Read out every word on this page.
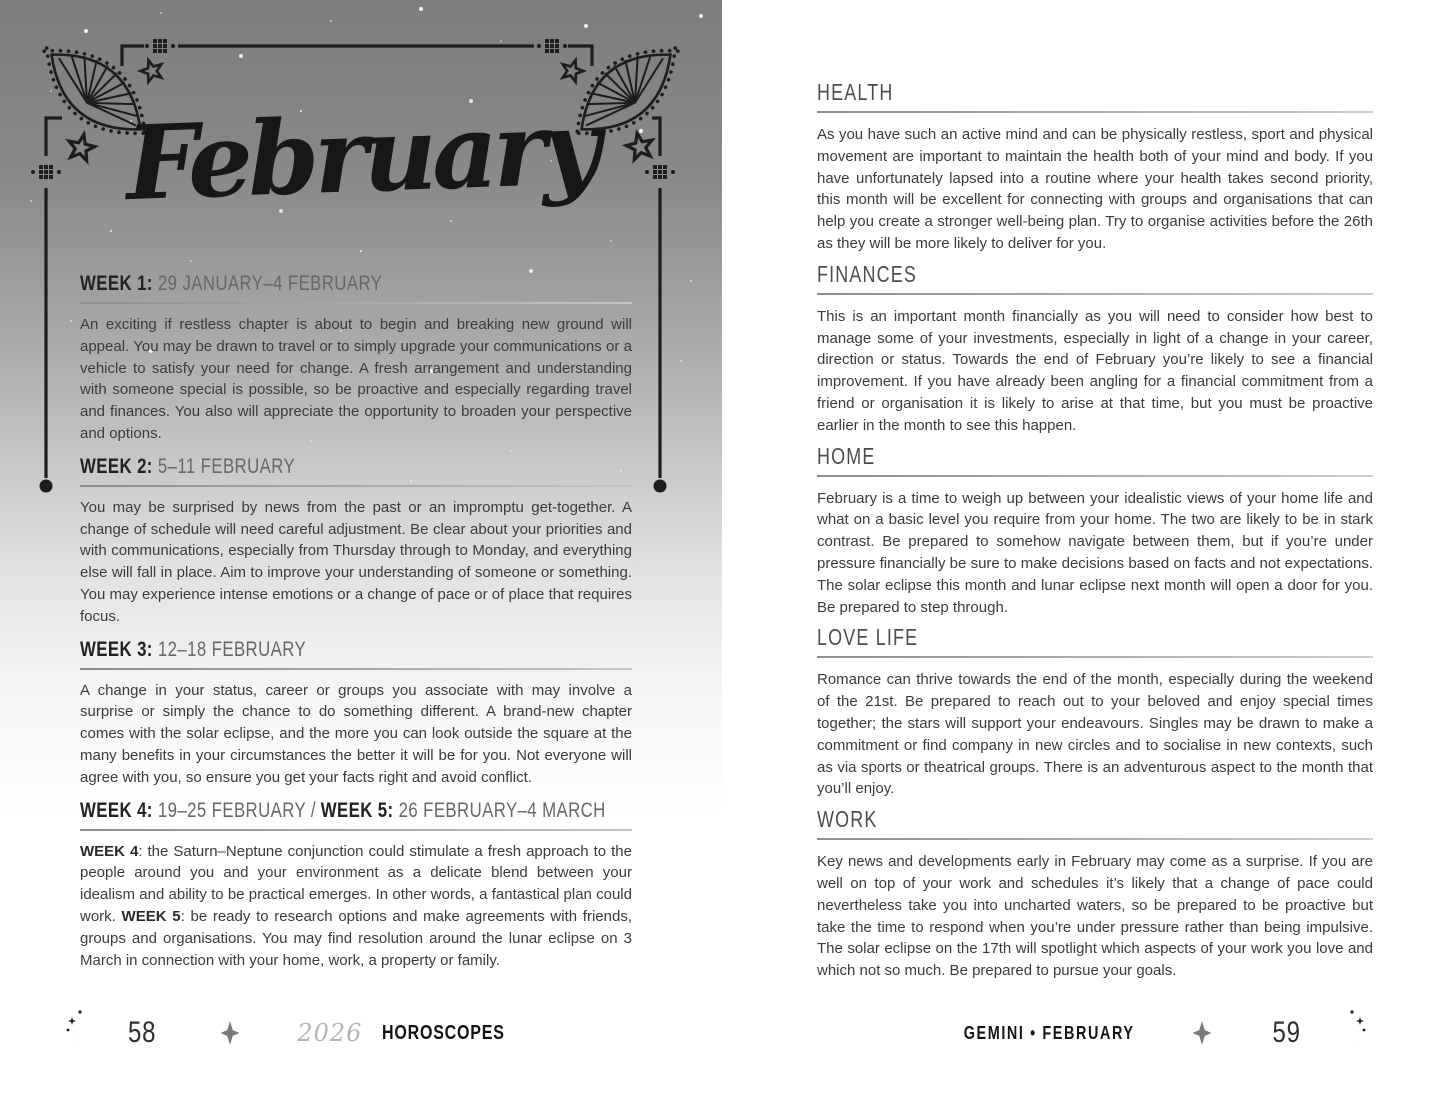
February
WEEK 1: 29 JANUARY–4 FEBRUARY

An exciting if restless chapter is about to begin and breaking new ground will appeal. You may be drawn to travel or to simply upgrade your communications or a vehicle to satisfy your need for change. A fresh arrangement and understanding with someone special is possible, so be proactive and especially regarding travel and finances. You also will appreciate the opportunity to broaden your perspective and options.

WEEK 2: 5–11 FEBRUARY

You may be surprised by news from the past or an impromptu get-together. A change of schedule will need careful adjustment. Be clear about your priorities and with communications, especially from Thursday through to Monday, and everything else will fall in place. Aim to improve your understanding of someone or something. You may experience intense emotions or a change of pace or of place that requires focus.

WEEK 3: 12–18 FEBRUARY

A change in your status, career or groups you associate with may involve a surprise or simply the chance to do something different. A brand-new chapter comes with the solar eclipse, and the more you can look outside the square at the many benefits in your circumstances the better it will be for you. Not everyone will agree with you, so ensure you get your facts right and avoid conflict.

WEEK 4: 19–25 FEBRUARY / WEEK 5: 26 FEBRUARY–4 MARCH

WEEK 4: the Saturn–Neptune conjunction could stimulate a fresh approach to the people around you and your environment as a delicate blend between your idealism and ability to be practical emerges. In other words, a fantastical plan could work. WEEK 5: be ready to research options and make agreements with friends, groups and organisations. You may find resolution around the lunar eclipse on 3 March in connection with your home, work, a property or family.

58	2026 HOROSCOPES
HEALTH

As you have such an active mind and can be physically restless, sport and physical movement are important to maintain the health both of your mind and body. If you have unfortunately lapsed into a routine where your health takes second priority, this month will be excellent for connecting with groups and organisations that can help you create a stronger well-being plan. Try to organise activities before the 26th as they will be more likely to deliver for you.

FINANCES

This is an important month financially as you will need to consider how best to manage some of your investments, especially in light of a change in your career, direction or status. Towards the end of February you’re likely to see a financial improvement. If you have already been angling for a financial commitment from a friend or organisation it is likely to arise at that time, but you must be proactive earlier in the month to see this happen.

HOME

February is a time to weigh up between your idealistic views of your home life and what on a basic level you require from your home. The two are likely to be in stark contrast. Be prepared to somehow navigate between them, but if you’re under pressure financially be sure to make decisions based on facts and not expectations. The solar eclipse this month and lunar eclipse next month will open a door for you. Be prepared to step through.

LOVE LIFE

Romance can thrive towards the end of the month, especially during the weekend of the 21st. Be prepared to reach out to your beloved and enjoy special times together; the stars will support your endeavours. Singles may be drawn to make a commitment or find company in new circles and to socialise in new contexts, such as via sports or theatrical groups. There is an adventurous aspect to the month that you’ll enjoy.

WORK

Key news and developments early in February may come as a surprise. If you are well on top of your work and schedules it’s likely that a change of pace could nevertheless take you into uncharted waters, so be prepared to be proactive but take the time to respond when you’re under pressure rather than being impulsive. The solar eclipse on the 17th will spotlight which aspects of your work you love and which not so much. Be prepared to pursue your goals.

GEMINI • FEBRUARY	59
